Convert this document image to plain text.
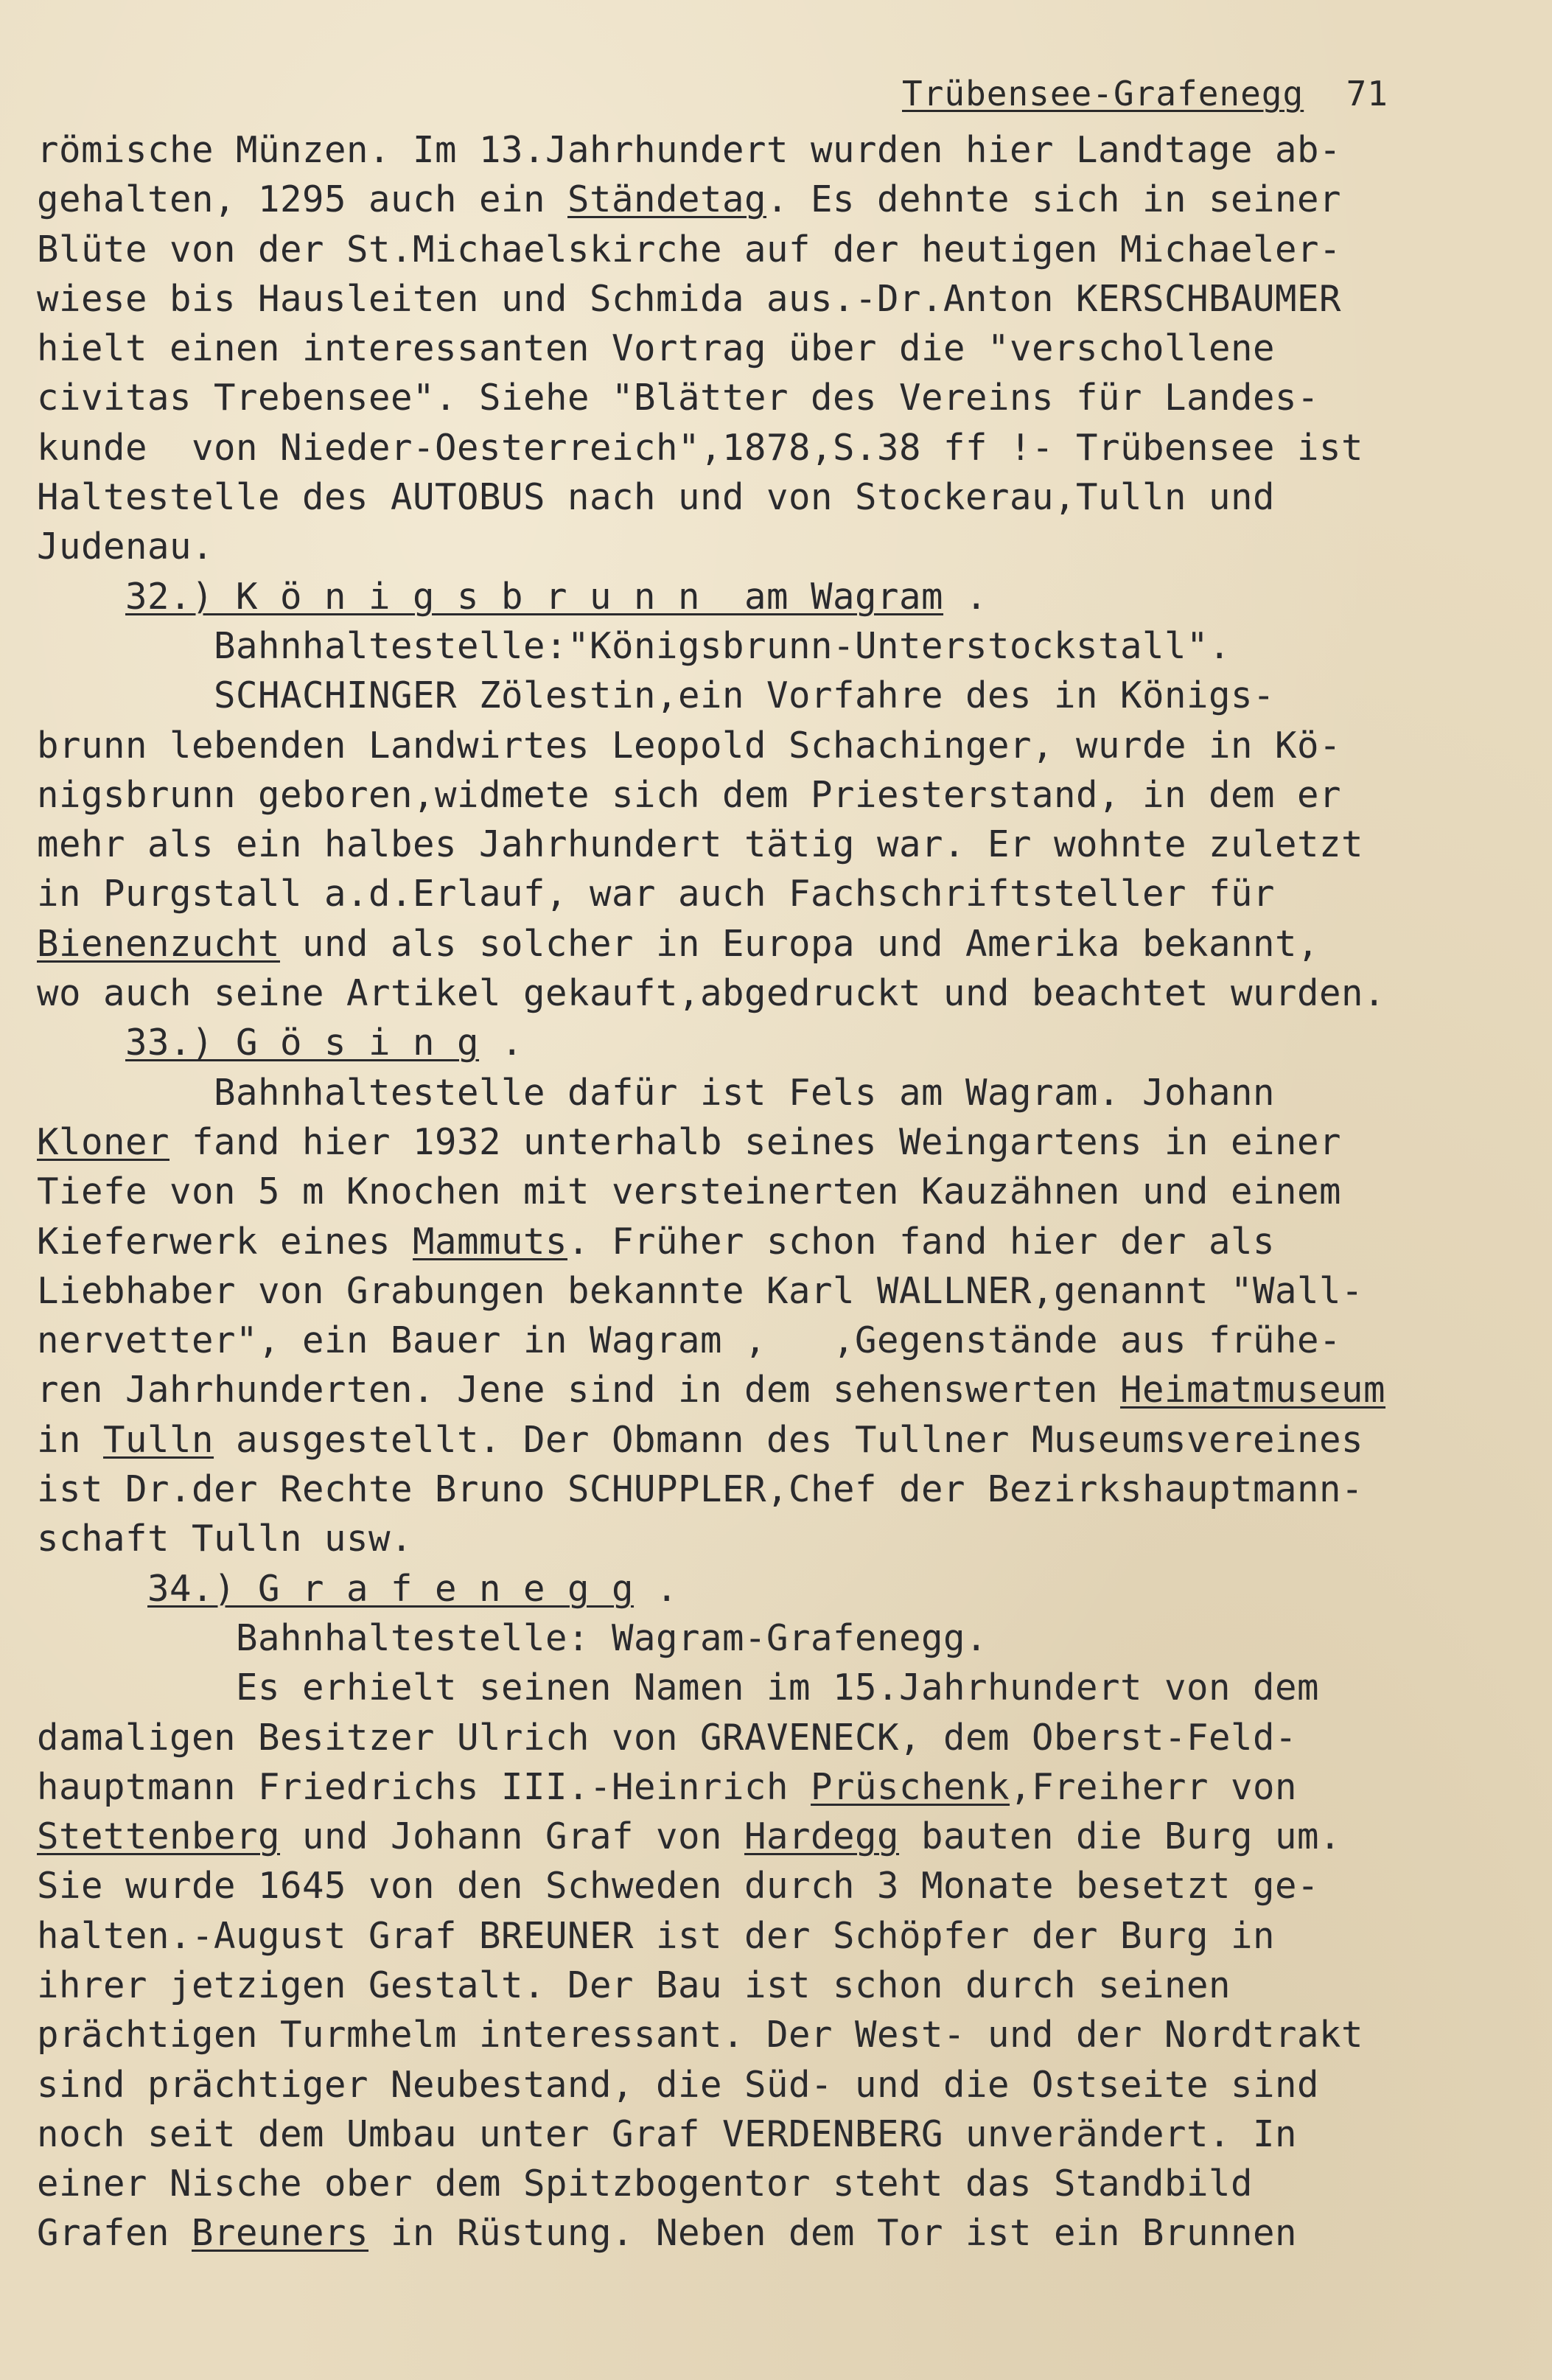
Trübensee-Grafenegg 71
römische Münzen. Im 13.Jahrhundert wurden hier Landtage ab-
gehalten, 1295 auch ein Ständetag. Es dehnte sich in seiner
Blüte von der St.Michaelskirche auf der heutigen Michaeler-
wiese bis Hausleiten und Schmida aus.-Dr.Anton KERSCHBAUMER
hielt einen interessanten Vortrag über die "verschollene
civitas Trebensee". Siehe "Blätter des Vereins für Landes-
kunde  von Nieder-Oesterreich",1878,S.38 ff !- Trübensee ist
Haltestelle des AUTOBUS nach und von Stockerau,Tulln und
Judenau.
32.) K ö n i g s b r u n n  am Wagram .
Bahnhaltestelle:"Königsbrunn-Unterstockstall".
SCHACHINGER Zölestin,ein Vorfahre des in Königs-
brunn lebenden Landwirtes Leopold Schachinger, wurde in Kö-
nigsbrunn geboren,widmete sich dem Priesterstand, in dem er
mehr als ein halbes Jahrhundert tätig war. Er wohnte zuletzt
in Purgstall a.d.Erlauf, war auch Fachschriftsteller für
Bienenzucht und als solcher in Europa und Amerika bekannt,
wo auch seine Artikel gekauft,abgedruckt und beachtet wurden.
33.) G ö s i n g .
Bahnhaltestelle dafür ist Fels am Wagram. Johann
Kloner fand hier 1932 unterhalb seines Weingartens in einer
Tiefe von 5 m Knochen mit versteinerten Kauzähnen und einem
Kieferwerk eines Mammuts. Früher schon fand hier der als
Liebhaber von Grabungen bekannte Karl WALLNER,genannt "Wall-
nervetter", ein Bauer in Wagram ,   ,Gegenstände aus frühe-
ren Jahrhunderten. Jene sind in dem sehenswerten Heimatmuseum
in Tulln ausgestellt. Der Obmann des Tullner Museumsvereines
ist Dr.der Rechte Bruno SCHUPPLER,Chef der Bezirkshauptmann-
schaft Tulln usw.
34.) G r a f e n e g g .
Bahnhaltestelle: Wagram-Grafenegg.
Es erhielt seinen Namen im 15.Jahrhundert von dem
damaligen Besitzer Ulrich von GRAVENECK, dem Oberst-Feld-
hauptmann Friedrichs III.-Heinrich Prüschenk,Freiherr von
Stettenberg und Johann Graf von Hardegg bauten die Burg um.
Sie wurde 1645 von den Schweden durch 3 Monate besetzt ge-
halten.-August Graf BREUNER ist der Schöpfer der Burg in
ihrer jetzigen Gestalt. Der Bau ist schon durch seinen
prächtigen Turmhelm interessant. Der West- und der Nordtrakt
sind prächtiger Neubestand, die Süd- und die Ostseite sind
noch seit dem Umbau unter Graf VERDENBERG unverändert. In
einer Nische ober dem Spitzbogentor steht das Standbild
Grafen Breuners in Rüstung. Neben dem Tor ist ein Brunnen
